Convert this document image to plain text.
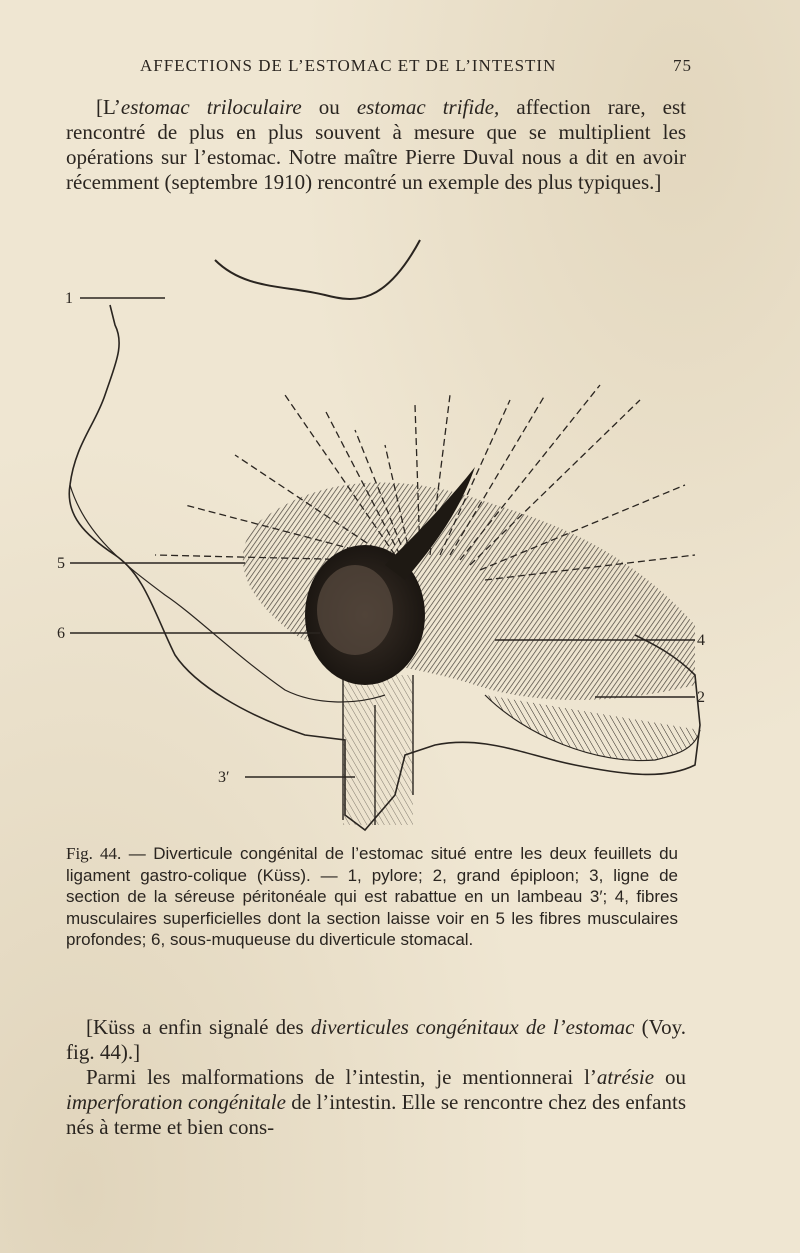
AFFECTIONS DE L’ESTOMAC ET DE L’INTESTIN	75
[L’estomac triloculaire ou estomac trifide, affection rare, est rencontré de plus en plus souvent à mesure que se multiplient les opérations sur l’estomac. Notre maître Pierre Duval nous a dit en avoir récemment (septembre 1910) rencontré un exemple des plus typiques.]
1
5
6
3′
4
2
Fig. 44. — Diverticule congénital de l’estomac situé entre les deux feuillets du ligament gastro-colique (Küss). — 1, pylore; 2, grand épiploon; 3, ligne de section de la séreuse péritonéale qui est rabattue en un lambeau 3′; 4, fibres musculaires superficielles dont la section laisse voir en 5 les fibres musculaires profondes; 6, sous-muqueuse du diverticule stomacal.
[Küss a enfin signalé des diverticules congénitaux de l’estomac (Voy. fig. 44).]
Parmi les malformations de l’intestin, je mentionnerai l’atrésie ou imperforation congénitale de l’intestin. Elle se rencontre chez des enfants nés à terme et bien cons-
